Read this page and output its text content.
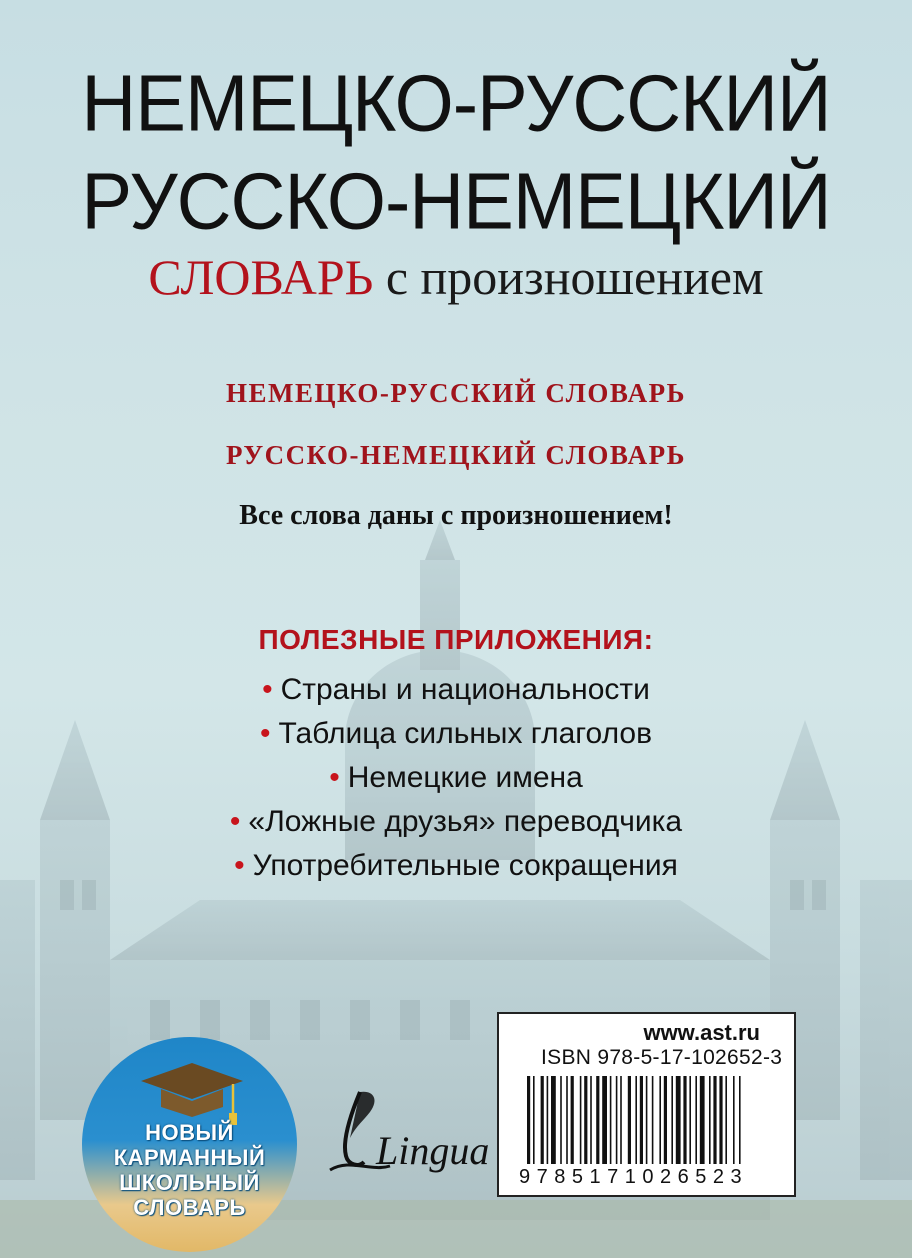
НЕМЕЦКО-РУССКИЙ
РУССКО-НЕМЕЦКИЙ
СЛОВАРЬ с произношением
НЕМЕЦКО-РУССКИЙ СЛОВАРЬ
РУССКО-НЕМЕЦКИЙ СЛОВАРЬ
Все слова даны с произношением!
ПОЛЕЗНЫЕ ПРИЛОЖЕНИЯ:
• Страны и национальности
• Таблица сильных глаголов
• Немецкие имена
• «Ложные друзья» переводчика
• Употребительные сокращения
НОВЫЙ
КАРМАННЫЙ
ШКОЛЬНЫЙ
СЛОВАРЬ
Lingua
www.ast.ru
ISBN 978-5-17-102652-3
9785171026523
